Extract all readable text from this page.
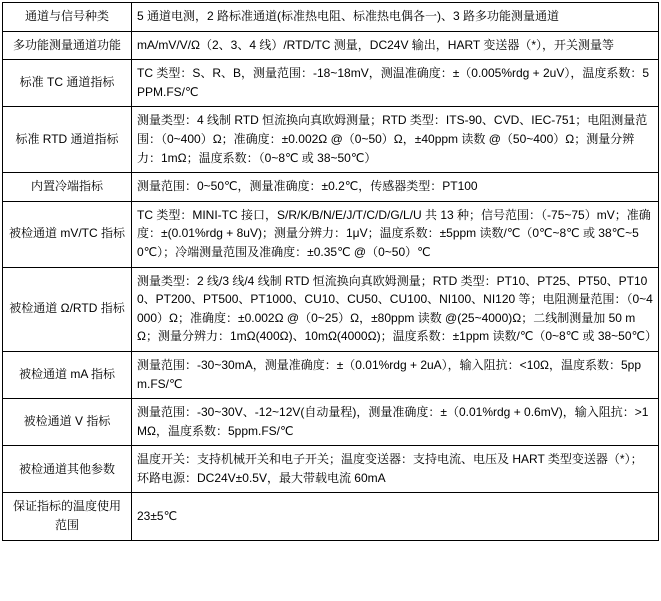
通道与信号种类	5 通道电测，2 路标准通道(标准热电阻、标准热电偶各一)、3 路多功能测量通道
多功能测量通道功能	mA/mV/V/Ω（2、3、4 线）/RTD/TC 测量，DC24V 输出，HART 变送器（*），开关测量等
标准 TC 通道指标	TC 类型：S、R、B，测量范围：-18~18mV，测温准确度：±（0.005%rdg + 2uV），温度系数：5PPM.FS/℃
标准 RTD 通道指标	测量类型：4 线制 RTD 恒流换向真欧姆测量；RTD 类型：ITS-90、CVD、IEC-751；电阻测量范围：（0~400）Ω；准确度：±0.002Ω @（0~50）Ω，±40ppm 读数 @（50~400）Ω；测量分辨力：1mΩ；温度系数：（0~8℃ 或 38~50℃）
内置冷端指标	测量范围：0~50℃，测量准确度：±0.2℃，传感器类型：PT100
被检通道 mV/TC 指标	TC 类型：MINI-TC 接口，S/R/K/B/N/E/J/T/C/D/G/L/U 共 13 种；信号范围：（-75~75）mV；准确度：±(0.01%rdg + 8uV)；测量分辨力：1μV；温度系数：±5ppm 读数/℃（0℃~8℃ 或 38℃~50℃）；冷端测量范围及准确度：±0.35℃ @（0~50）℃
被检通道 Ω/RTD 指标	测量类型：2 线/3 线/4 线制 RTD 恒流换向真欧姆测量；RTD 类型：PT10、PT25、PT50、PT100、PT200、PT500、PT1000、CU10、CU50、CU100、NI100、NI120 等；电阻测量范围：（0~4000）Ω；准确度：±0.002Ω @（0~25）Ω，±80ppm 读数 @(25~4000)Ω；二线制测量加 50 mΩ；测量分辨力：1mΩ(400Ω)、10mΩ(4000Ω)；温度系数：±1ppm 读数/℃（0~8℃ 或 38~50℃）
被检通道 mA 指标	测量范围：-30~30mA，测量准确度：±（0.01%rdg + 2uA），输入阻抗：<10Ω，温度系数：5ppm.FS/℃
被检通道 V 指标	测量范围：-30~30V、-12~12V(自动量程)，测量准确度：±（0.01%rdg + 0.6mV)，输入阻抗：>1MΩ，温度系数：5ppm.FS/℃
被检通道其他参数	温度开关：支持机械开关和电子开关；温度变送器：支持电流、电压及 HART 类型变送器（*）；环路电源：DC24V±0.5V，最大带载电流 60mA
保证指标的温度使用范围	23±5℃
